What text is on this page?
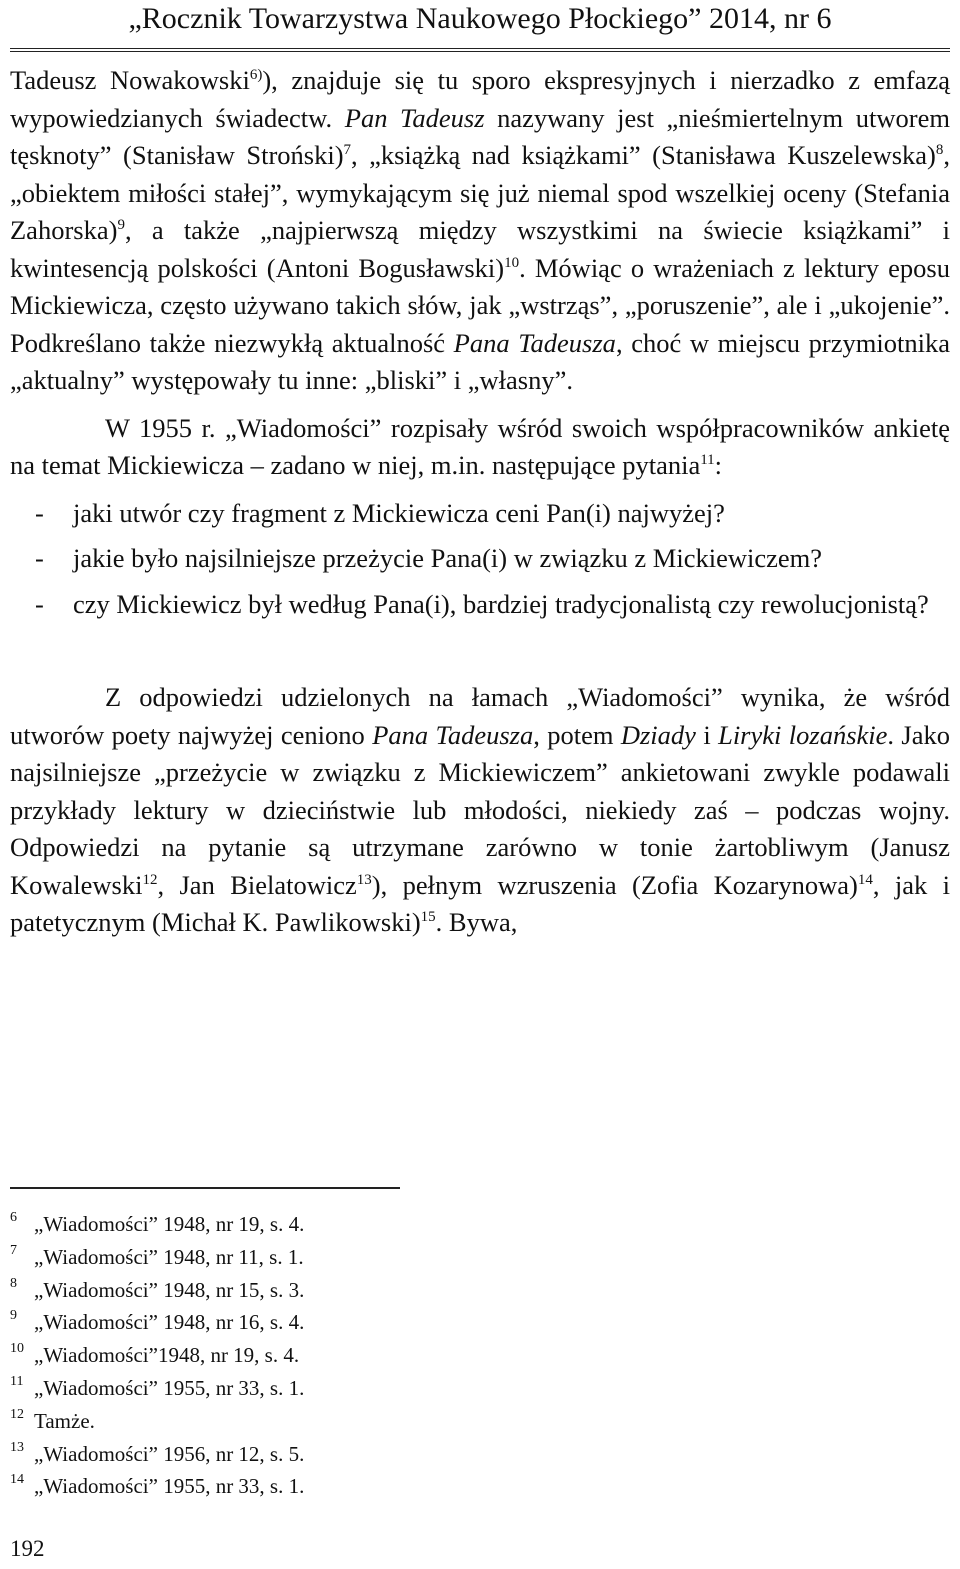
„Rocznik Towarzystwa Naukowego Płockiego” 2014, nr 6

Tadeusz Nowakowski$^{6)}$), znajduje się tu sporo ekspresyjnych i nierzadko z emfazą wypowiedzianych świadectw. Pan Tadeusz nazywany jest „nieśmiertelnym utworem tęsknoty” (Stanisław Stroński)$^7$, „książką nad książkami” (Stanisława Kuszelewska)$^8$, „obiektem miłości stałej”, wymykającym się już niemal spod wszelkiej oceny (Stefania Zahorska)$^9$, a także „najpierwszą między wszystkimi na świecie książkami” i kwintesencją polskości (Antoni Bogusławski)$^{10}$. Mówiąc o wrażeniach z lektury eposu Mickiewicza, często używano takich słów, jak „wstrząs”, „poruszenie”, ale i „ukojenie”. Podkreślano także niezwykłą aktualność Pana Tadeusza, choć w miejscu przymiotnika „aktualny” występowały tu inne: „bliski” i „własny”.

W 1955 r. „Wiadomości” rozpisały wśród swoich współpracowników ankietę na temat Mickiewicza – zadano w niej, m.in. następujące pytania$^{11}$:

- jaki utwór czy fragment z Mickiewicza ceni Pan(i) najwyżej?
- jakie było najsilniejsze przeżycie Pana(i) w związku z Mickiewiczem?
- czy Mickiewicz był według Pana(i), bardziej tradycjonalistą czy rewolucjonistą?

Z odpowiedzi udzielonych na łamach „Wiadomości” wynika, że wśród utworów poety najwyżej ceniono Pana Tadeusza, potem Dziady i Liryki lozańskie. Jako najsilniejsze „przeżycie w związku z Mickiewiczem” ankietowani zwykle podawali przykłady lektury w dzieciństwie lub młodości, niekiedy zaś – podczas wojny. Odpowiedzi na pytanie są utrzymane zarówno w tonie żartobliwym (Janusz Kowalewski$^{12}$, Jan Bielatowicz$^{13}$), pełnym wzruszenia (Zofia Kozarynowa)$^{14}$, jak i patetycznym (Michał K. Pawlikowski)$^{15}$. Bywa,

6 „Wiadomości” 1948, nr 19, s. 4.
7 „Wiadomości” 1948, nr 11, s. 1.
8 „Wiadomości” 1948, nr 15, s. 3.
9 „Wiadomości” 1948, nr 16, s. 4.
10 „Wiadomości”1948, nr 19, s. 4.
11 „Wiadomości” 1955, nr 33, s. 1.
12 Tamże.
13 „Wiadomości” 1956, nr 12, s. 5.
14 „Wiadomości” 1955, nr 33, s. 1.
192
